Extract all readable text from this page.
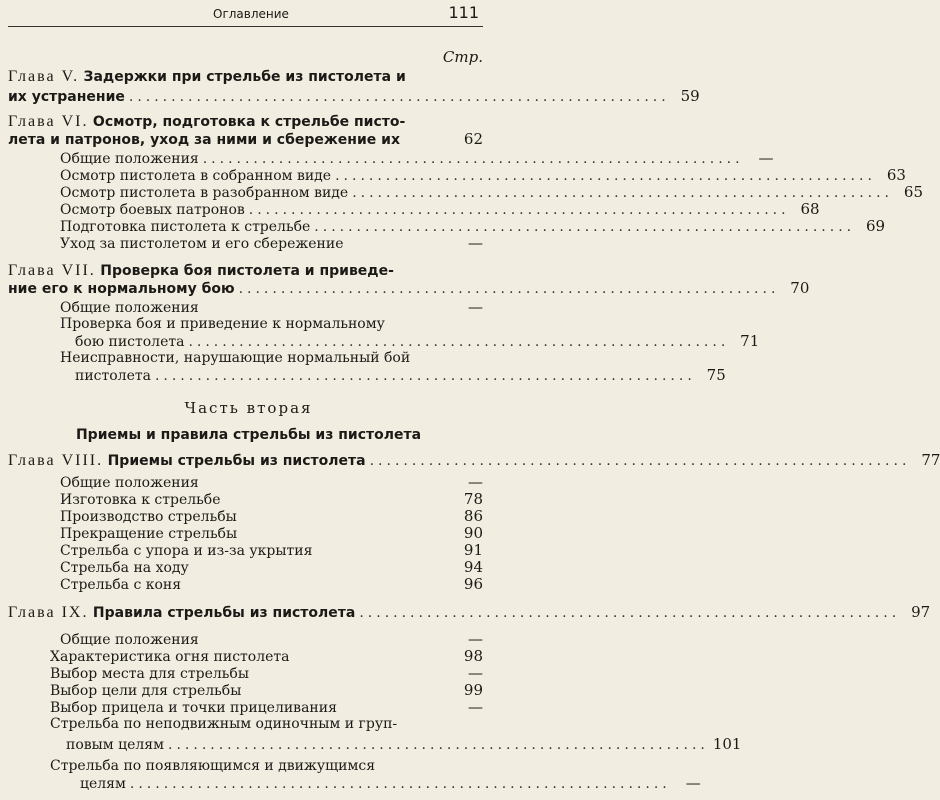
Оглавление	111
Стр.
Глава V. Задержки при стрельбе из пистолета и
их устранение ................................................................ 59
Глава VI. Осмотр, подготовка к стрельбе писто-
лета и патронов, уход за ними и сбережение их	62
Общие положения ................................................................	—
Осмотр пистолета в собранном виде ................................................................ 63
Осмотр пистолета в разобранном виде ................................................................ 65
Осмотр боевых патронов ................................................................ 68
Подготовка пистолета к стрельбе ................................................................ 69
Уход за пистолетом и его сбережение	—
Глава VII. Проверка боя пистолета и приведе-
ние его к нормальному бою ................................................................ 70
Общие положения	—
Проверка боя и приведение к нормальному
бою пистолета ................................................................ 71
Неисправности, нарушающие нормальный бой
пистолета ................................................................ 75
Часть вторая
Приемы и правила стрельбы из пистолета
Глава VIII. Приемы стрельбы из пистолета ................................................................ 77
Общие положения	—
Изготовка к стрельбе	78
Производство стрельбы	86
Прекращение стрельбы	90
Стрельба с упора и из-за укрытия	91
Стрельба на ходу	94
Стрельба с коня	96
Глава IX. Правила стрельбы из пистолета ................................................................ 97
Общие положения	—
Характеристика огня пистолета	98
Выбор места для стрельбы	—
Выбор цели для стрельбы	99
Выбор прицела и точки прицеливания	—
Стрельба по неподвижным одиночным и груп-
повым целям ................................................................ 101
Стрельба по появляющимся и движущимся
целям ................................................................	—
